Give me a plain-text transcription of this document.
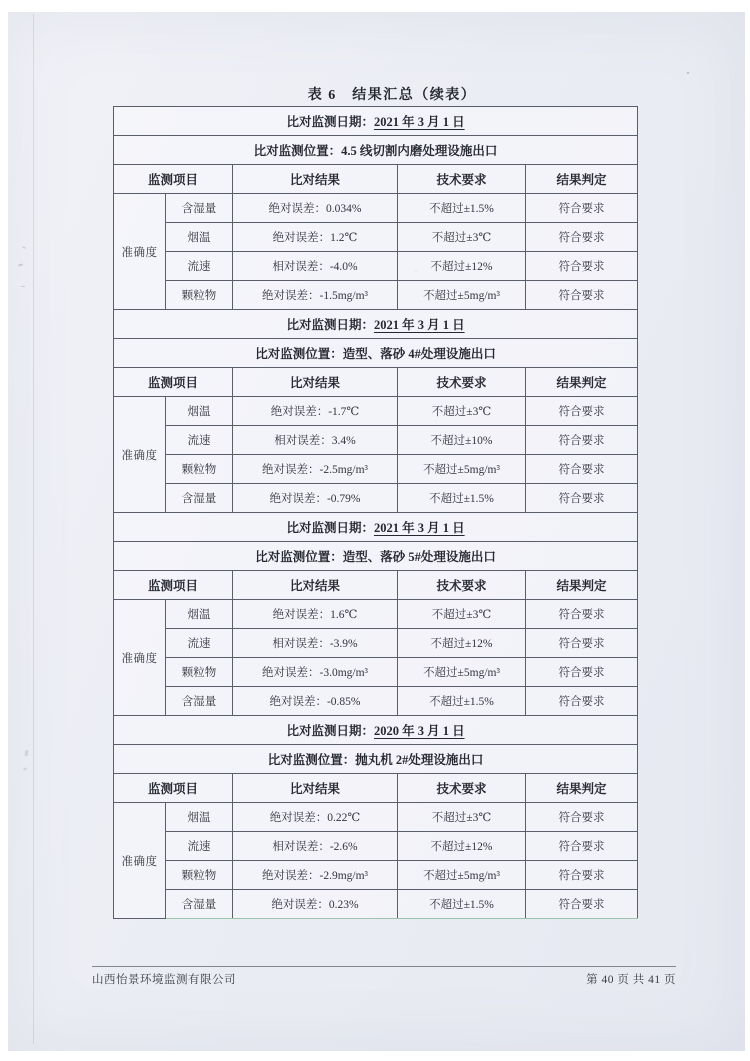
表 6　结果汇总（续表）
比对监测日期：2021 年 3 月 1 日				
比对监测位置：4.5 线切割内磨处理设施出口				
监测项目		比对结果	技术要求	结果判定
准确度	含湿量	绝对误差：0.034%	不超过±1.5%	符合要求
	烟温	绝对误差：1.2℃	不超过±3℃	符合要求
	流速	相对误差：-4.0%	不超过±12%	符合要求
	颗粒物	绝对误差：-1.5mg/m³	不超过±5mg/m³	符合要求
比对监测日期：2021 年 3 月 1 日				
比对监测位置：造型、落砂 4#处理设施出口				
监测项目		比对结果	技术要求	结果判定
准确度	烟温	绝对误差：-1.7℃	不超过±3℃	符合要求
	流速	相对误差：3.4%	不超过±10%	符合要求
	颗粒物	绝对误差：-2.5mg/m³	不超过±5mg/m³	符合要求
	含湿量	绝对误差：-0.79%	不超过±1.5%	符合要求
比对监测日期：2021 年 3 月 1 日				
比对监测位置：造型、落砂 5#处理设施出口				
监测项目		比对结果	技术要求	结果判定
准确度	烟温	绝对误差：1.6℃	不超过±3℃	符合要求
	流速	相对误差：-3.9%	不超过±12%	符合要求
	颗粒物	绝对误差：-3.0mg/m³	不超过±5mg/m³	符合要求
	含湿量	绝对误差：-0.85%	不超过±1.5%	符合要求
比对监测日期：2020 年 3 月 1 日				
比对监测位置：抛丸机 2#处理设施出口				
监测项目		比对结果	技术要求	结果判定
准确度	烟温	绝对误差：0.22℃	不超过±3℃	符合要求
	流速	相对误差：-2.6%	不超过±12%	符合要求
	颗粒物	绝对误差：-2.9mg/m³	不超过±5mg/m³	符合要求
	含湿量	绝对误差：0.23%	不超过±1.5%	符合要求
山西怡景环境监测有限公司	第 40 页 共 41 页
